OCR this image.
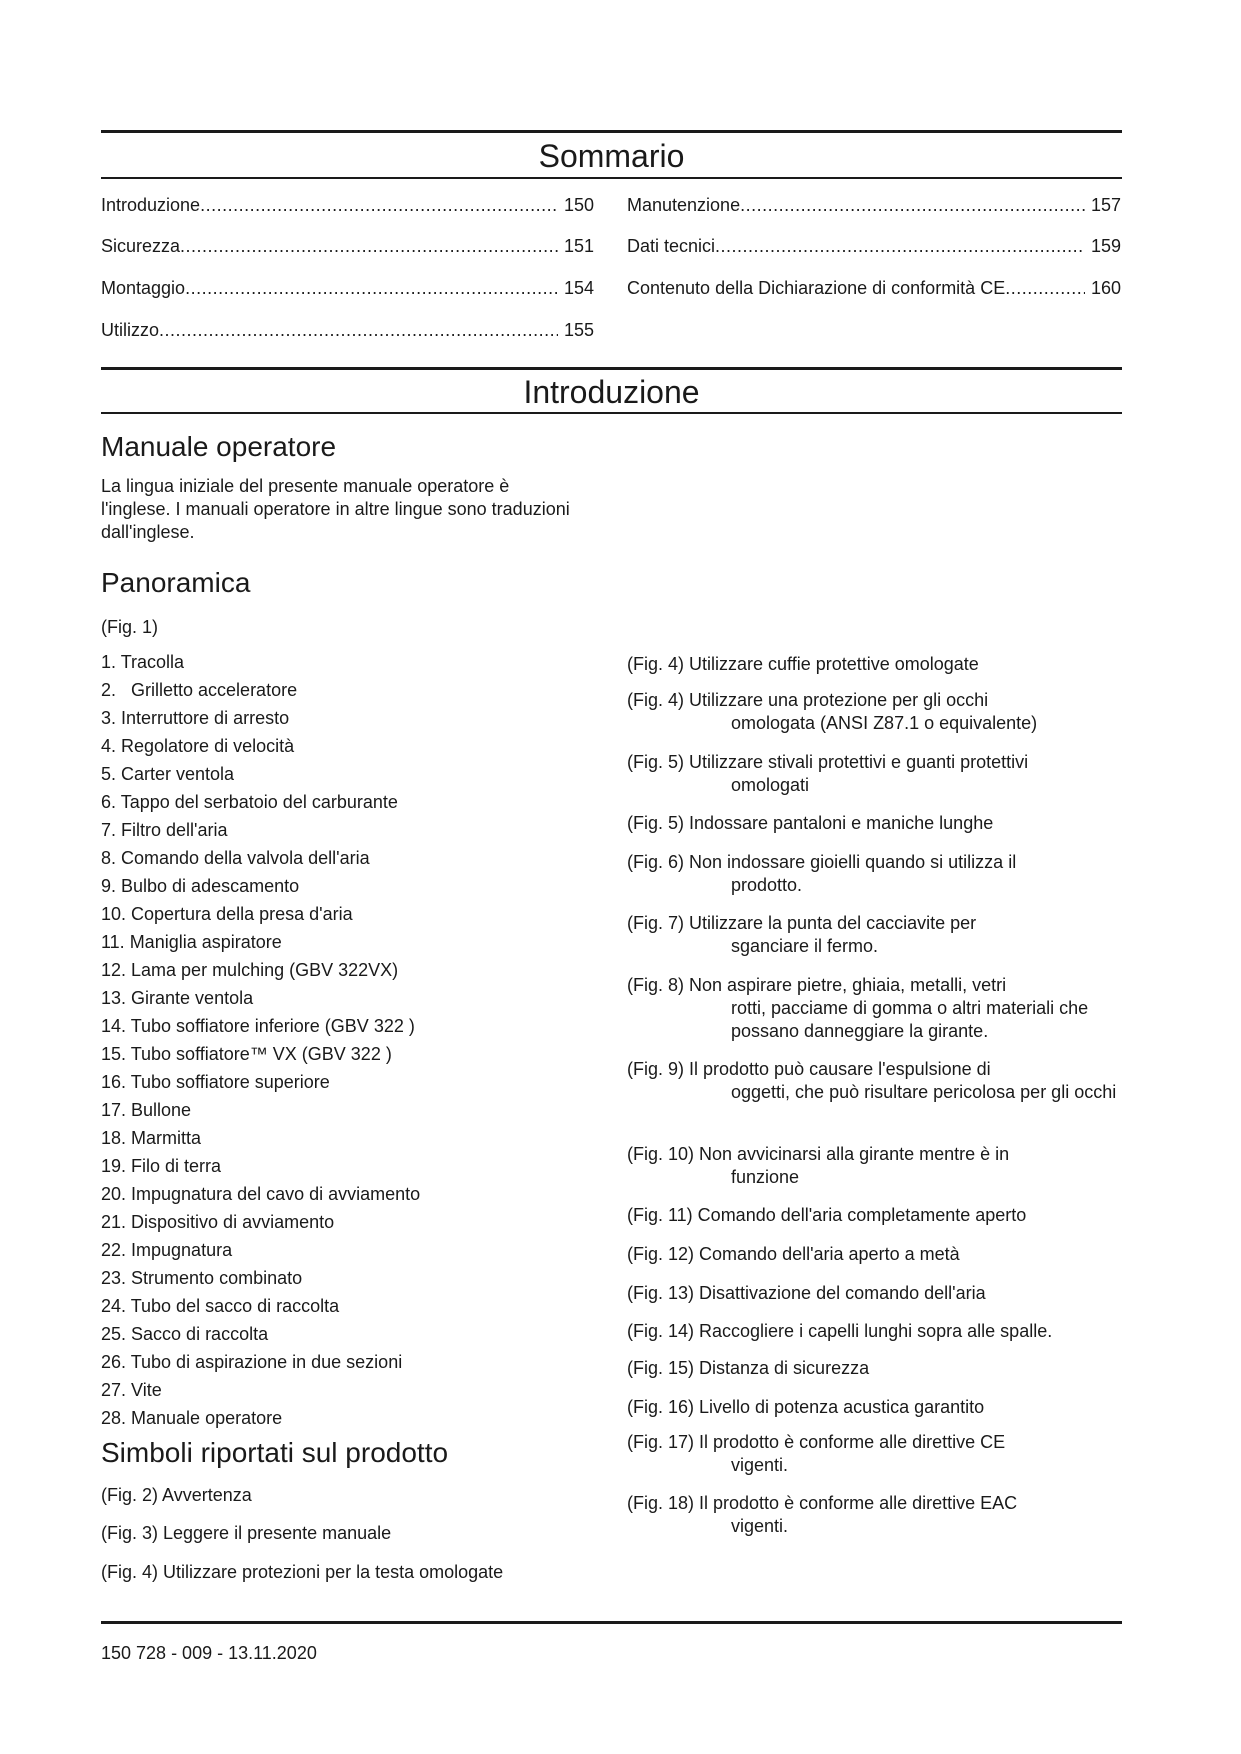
Sommario
Introduzione .....	150
Sicurezza .....	151
Montaggio .....	154
Utilizzo .....	155
Manutenzione .....	157
Dati tecnici .....	159
Contenuto della Dichiarazione di conformità CE .....	160
Introduzione
Manuale operatore
La lingua iniziale del presente manuale operatore è l'inglese. I manuali operatore in altre lingue sono traduzioni dall'inglese.
Panoramica
(Fig. 1)
1. Tracolla
2.   Grilletto acceleratore
3. Interruttore di arresto
4. Regolatore di velocità
5. Carter ventola
6. Tappo del serbatoio del carburante
7. Filtro dell'aria
8. Comando della valvola dell'aria
9. Bulbo di adescamento
10. Copertura della presa d'aria
11. Maniglia aspiratore
12. Lama per mulching (GBV 322VX)
13. Girante ventola
14. Tubo soffiatore inferiore (GBV 322 )
15. Tubo soffiatore™ VX (GBV 322 )
16. Tubo soffiatore superiore
17. Bullone
18. Marmitta
19. Filo di terra
20. Impugnatura del cavo di avviamento
21. Dispositivo di avviamento
22. Impugnatura
23. Strumento combinato
24. Tubo del sacco di raccolta
25. Sacco di raccolta
26. Tubo di aspirazione in due sezioni
27. Vite
28. Manuale operatore
Simboli riportati sul prodotto
(Fig. 2) Avvertenza
(Fig. 3) Leggere il presente manuale
(Fig. 4) Utilizzare protezioni per la testa omologate
(Fig. 4) Utilizzare cuffie protettive omologate
(Fig. 4) Utilizzare una protezione per gli occhi
omologata (ANSI Z87.1 o equivalente)
(Fig. 5) Utilizzare stivali protettivi e guanti protettivi
omologati
(Fig. 5) Indossare pantaloni e maniche lunghe
(Fig. 6) Non indossare gioielli quando si utilizza il
prodotto.
(Fig. 7) Utilizzare la punta del cacciavite per
sganciare il fermo.
(Fig. 8) Non aspirare pietre, ghiaia, metalli, vetri
rotti, pacciame di gomma o altri materiali che possano danneggiare la girante.
(Fig. 9) Il prodotto può causare l'espulsione di
oggetti, che può risultare pericolosa per gli occhi
(Fig. 10) Non avvicinarsi alla girante mentre è in
funzione
(Fig. 11) Comando dell'aria completamente aperto
(Fig. 12) Comando dell'aria aperto a metà
(Fig. 13) Disattivazione del comando dell'aria
(Fig. 14) Raccogliere i capelli lunghi sopra alle spalle.
(Fig. 15) Distanza di sicurezza
(Fig. 16) Livello di potenza acustica garantito
(Fig. 17) Il prodotto è conforme alle direttive CE
vigenti.
(Fig. 18) Il prodotto è conforme alle direttive EAC
vigenti.
150 728 - 009 - 13.11.2020
